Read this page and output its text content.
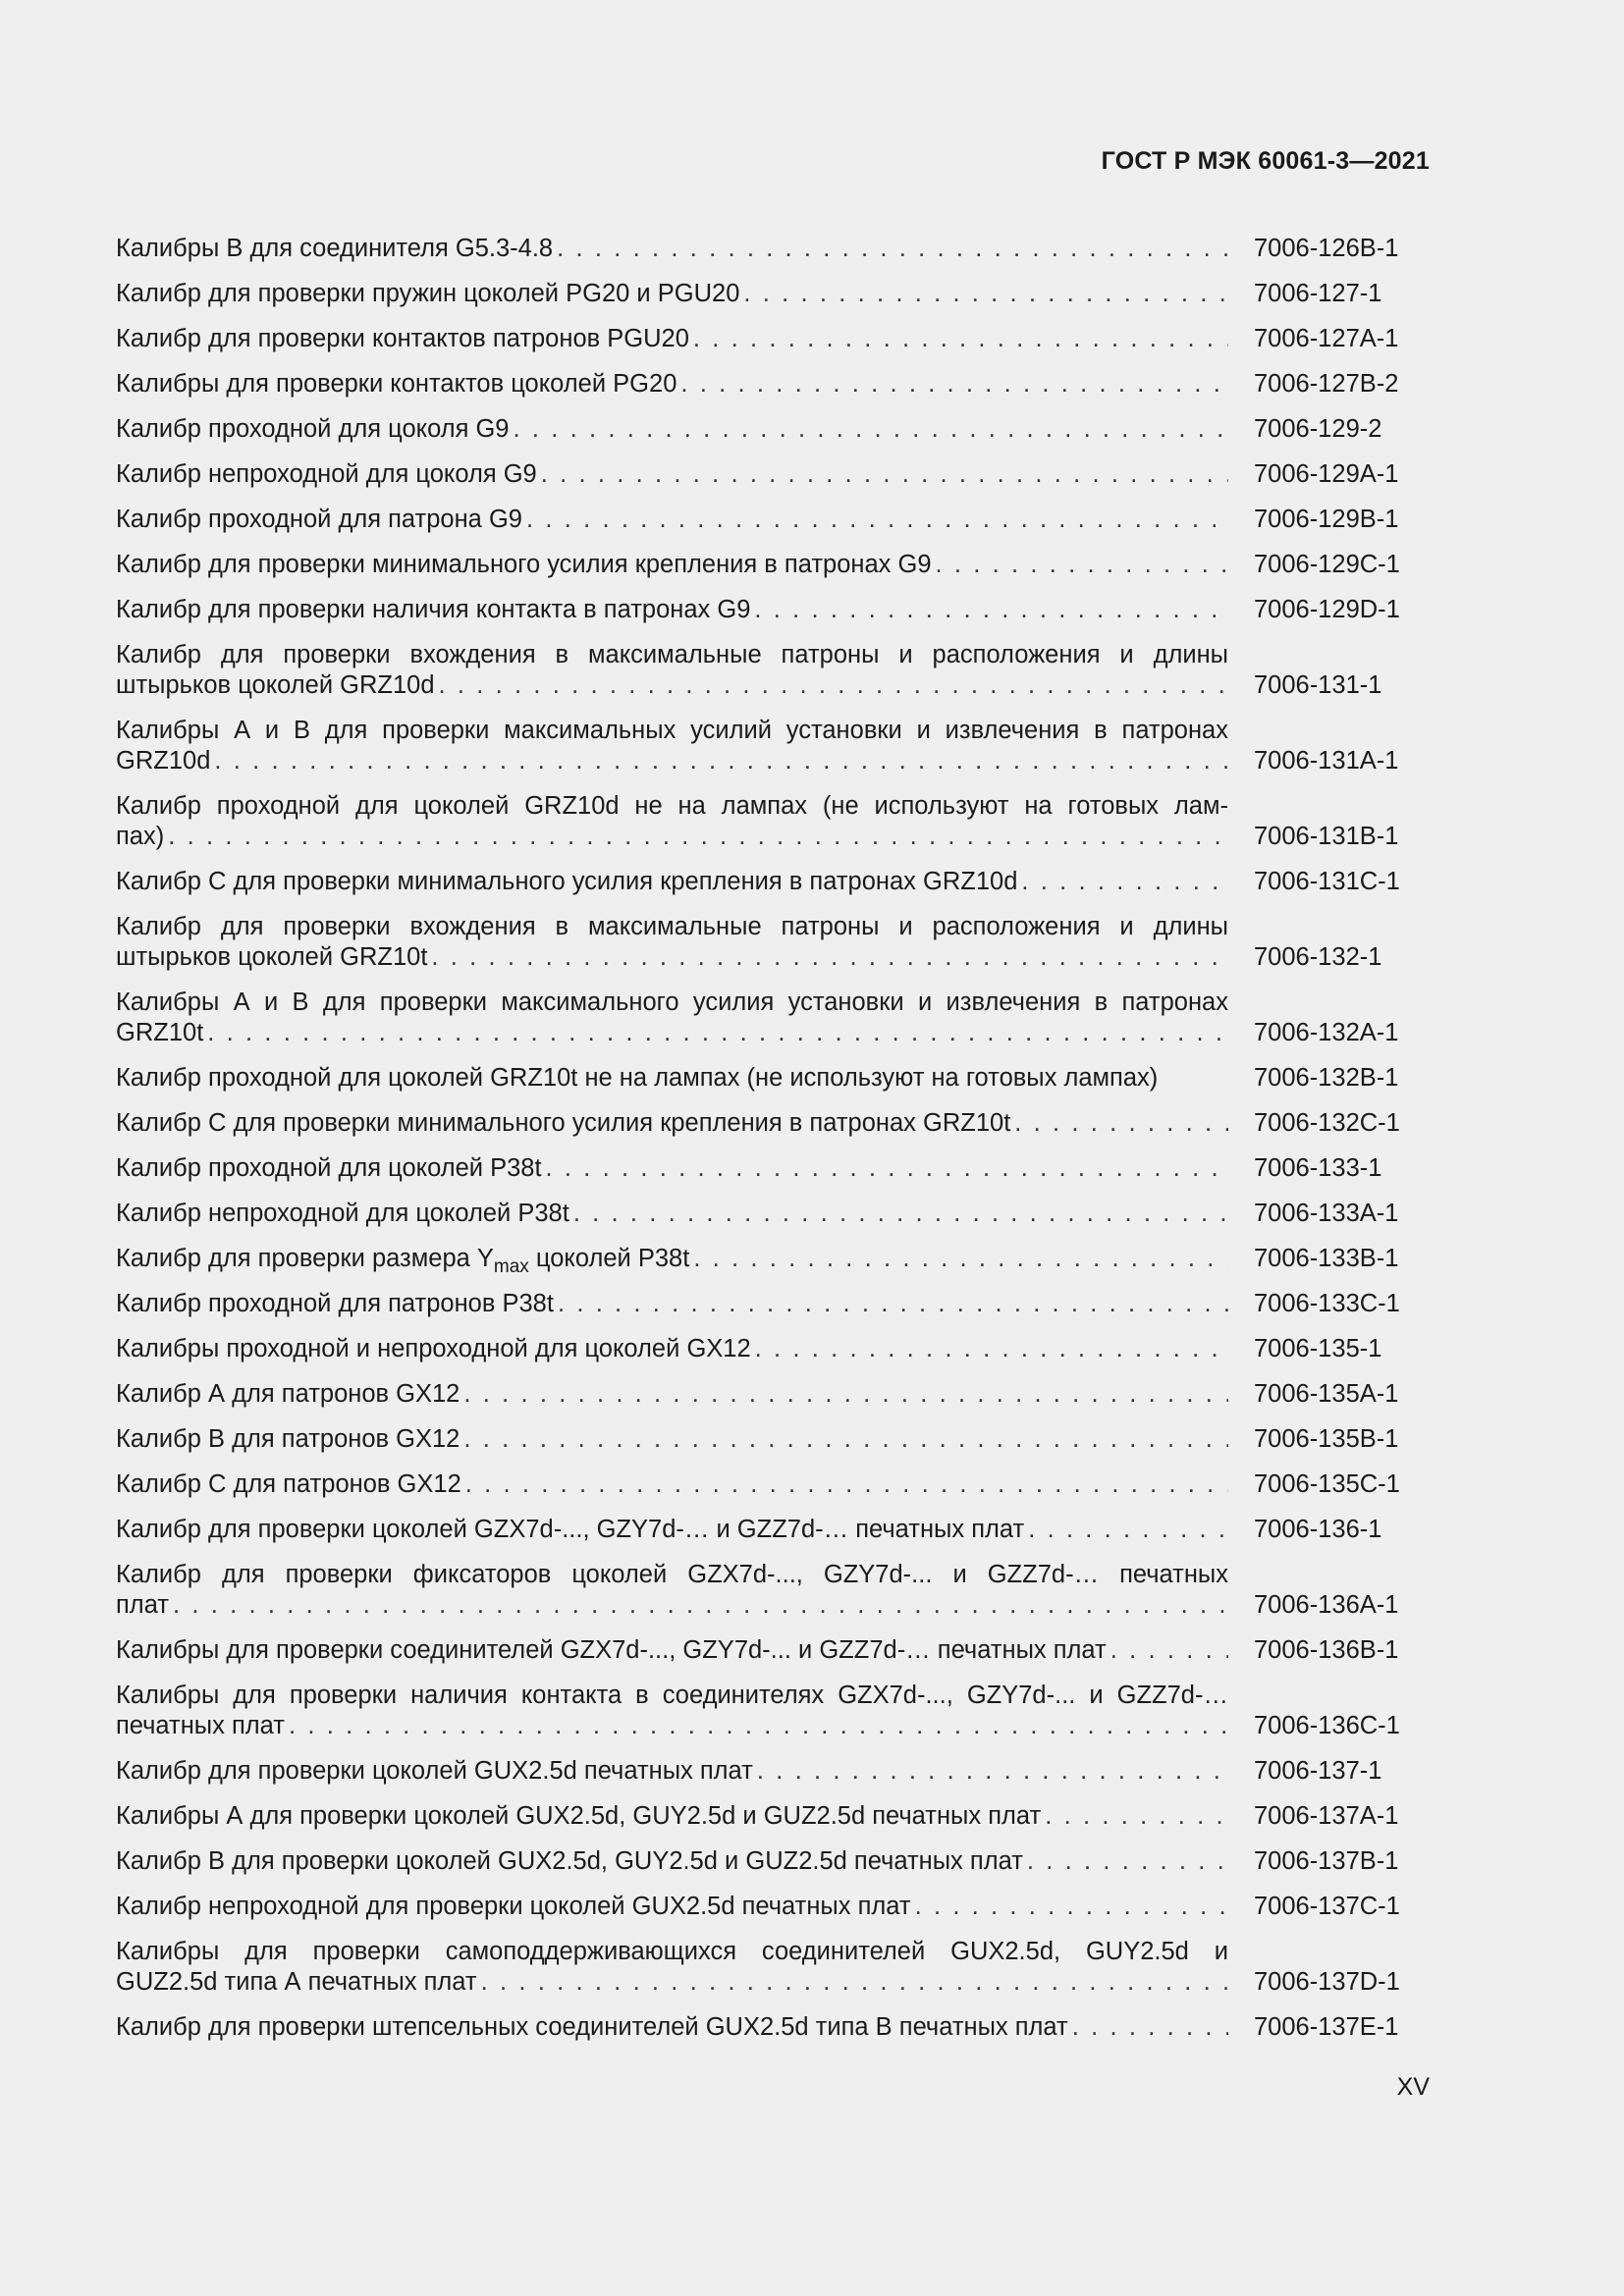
ГОСТ Р МЭК 60061-3—2021
Калибры В для соединителя G5.3-4.8 . . .	7006-126B-1
Калибр для проверки пружин цоколей PG20 и PGU20 . . .	7006-127-1
Калибр для проверки контактов патронов PGU20 . . .	7006-127A-1
Калибры для проверки контактов цоколей PG20 . . .	7006-127B-2
Калибр проходной для цоколя G9 . . .	7006-129-2
Калибр непроходной для цоколя G9 . . .	7006-129A-1
Калибр проходной для патрона G9 . . .	7006-129B-1
Калибр для проверки минимального усилия крепления в патронах G9 . . .	7006-129C-1
Калибр для проверки наличия контакта в патронах G9 . . .	7006-129D-1
Калибр для проверки вхождения в максимальные патроны и расположения и длины
штырьков цоколей GRZ10d . . .	7006-131-1
Калибры А и В для проверки максимальных усилий установки и извлечения в патронах
GRZ10d . . .	7006-131A-1
Калибр проходной для цоколей GRZ10d не на лампах (не используют на готовых лам-
пах) . . .	7006-131B-1
Калибр С для проверки минимального усилия крепления в патронах GRZ10d . . .	7006-131C-1
Калибр для проверки вхождения в максимальные патроны и расположения и длины
штырьков цоколей GRZ10t . . .	7006-132-1
Калибры А и В для проверки максимального усилия установки и извлечения в патронах
GRZ10t . . .	7006-132A-1
Калибр проходной для цоколей GRZ10t не на лампах (не используют на готовых лампах)	7006-132B-1
Калибр С для проверки минимального усилия крепления в патронах GRZ10t . . .	7006-132C-1
Калибр проходной для цоколей P38t . . .	7006-133-1
Калибр непроходной для цоколей P38t . . .	7006-133A-1
Калибр для проверки размера $Y_{max}$ цоколей P38t . . .	7006-133B-1
Калибр проходной для патронов P38t . . .	7006-133C-1
Калибры проходной и непроходной для цоколей GX12 . . .	7006-135-1
Калибр А для патронов GX12 . . .	7006-135A-1
Калибр В для патронов GX12 . . .	7006-135B-1
Калибр С для патронов GX12 . . .	7006-135C-1
Калибр для проверки цоколей GZX7d-..., GZY7d-… и GZZ7d-… печатных плат . . .	7006-136-1
Калибр для проверки фиксаторов цоколей GZX7d-..., GZY7d-... и GZZ7d-… печатных
плат . . .	7006-136A-1
Калибры для проверки соединителей GZX7d-..., GZY7d-... и GZZ7d-… печатных плат . . .	7006-136B-1
Калибры для проверки наличия контакта в соединителях GZX7d-..., GZY7d-... и GZZ7d-…
печатных плат . . .	7006-136C-1
Калибр для проверки цоколей GUX2.5d печатных плат . . .	7006-137-1
Калибры А для проверки цоколей GUX2.5d, GUY2.5d и GUZ2.5d печатных плат . . .	7006-137A-1
Калибр В для проверки цоколей GUX2.5d, GUY2.5d и GUZ2.5d печатных плат . . .	7006-137B-1
Калибр непроходной для проверки цоколей GUX2.5d печатных плат . . .	7006-137C-1
Калибры для проверки самоподдерживающихся соединителей GUX2.5d, GUY2.5d и
GUZ2.5d типа А печатных плат . . .	7006-137D-1
Калибр для проверки штепсельных соединителей GUX2.5d типа В печатных плат . . .	7006-137E-1
XV
